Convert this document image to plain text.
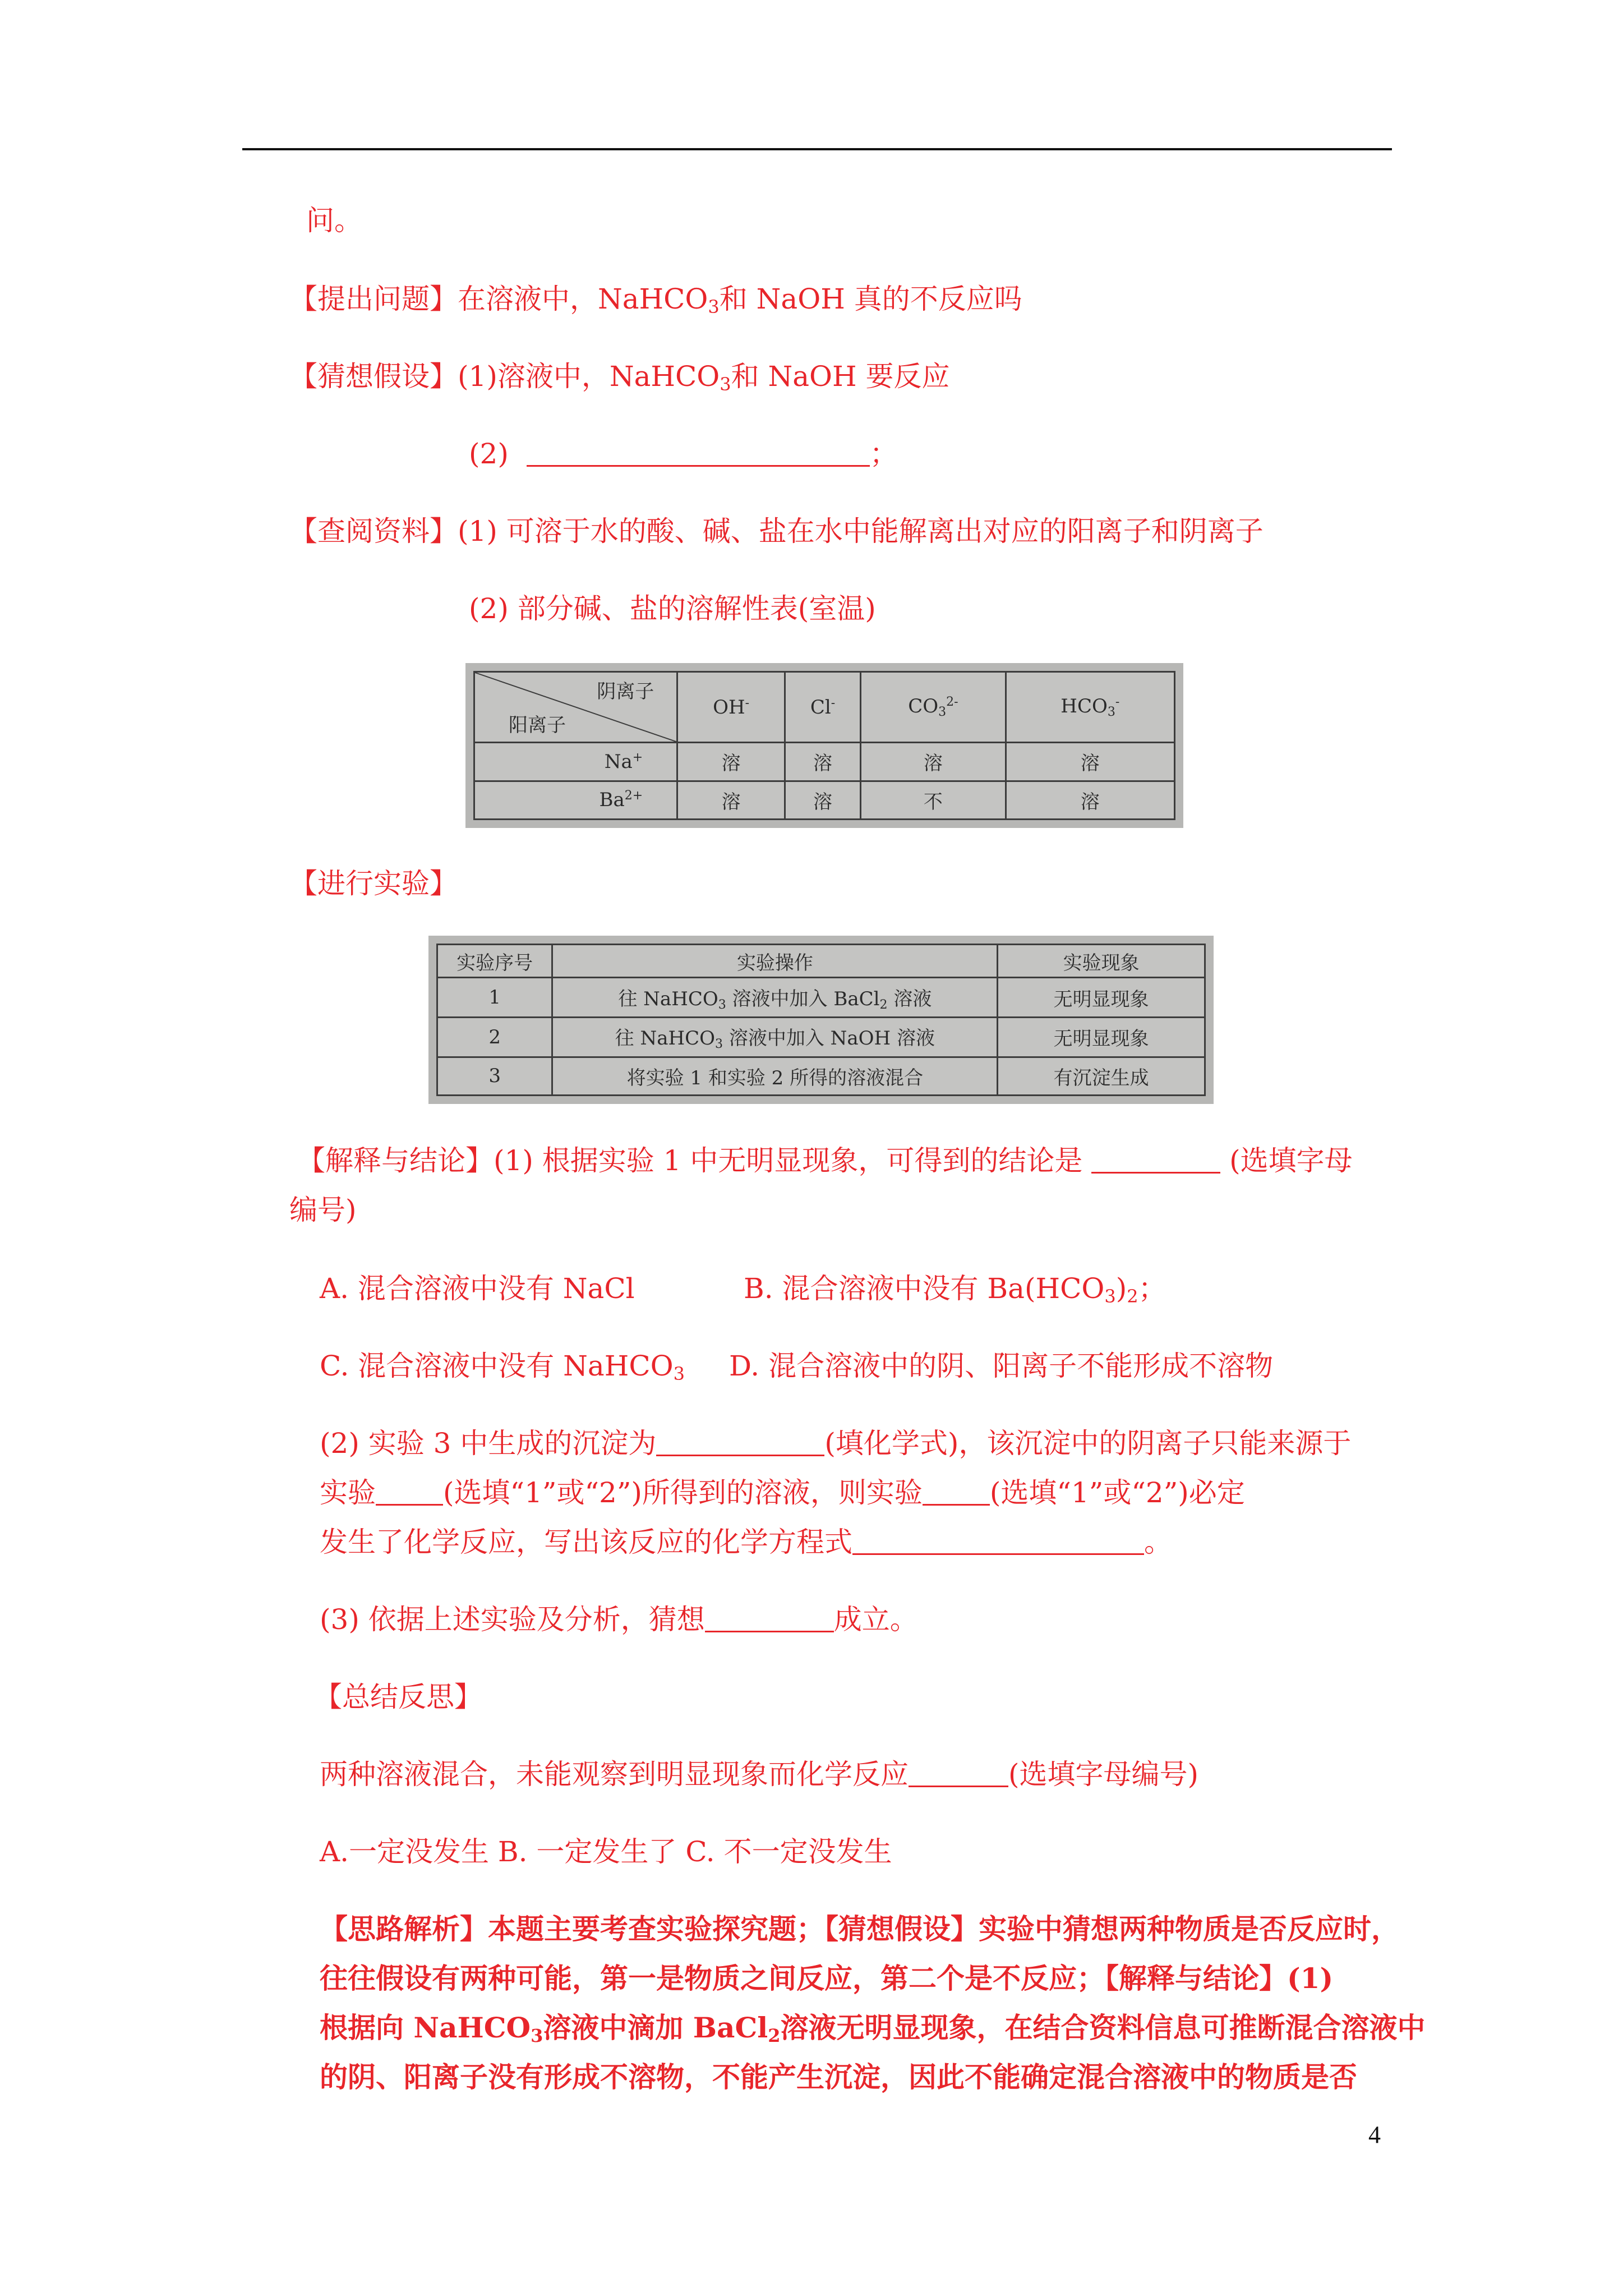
问。
【提出问题】在溶液中，NaHCO$_3$和 NaOH 真的不反应吗
【猜想假设】(1)溶液中，NaHCO$_3$和 NaOH 要反应
(2)	；
【查阅资料】(1) 可溶于水的酸、碱、盐在水中能解离出对应的阳离子和阴离子
(2) 部分碱、盐的溶解性表(室温)
阴离子
阳离子	OH-	Cl-	$CO_3^{2-}$	$HCO_3^-$
Na+	溶	溶	溶	溶
$Ba^{2+}$	溶	溶	不	溶
【进行实验】
实验序号	实验操作	实验现象
1	往 NaHCO$_3$ 溶液中加入 BaCl$_2$ 溶液	无明显现象
2	往 NaHCO$_3$ 溶液中加入 NaOH 溶液	无明显现象
3	将实验 1 和实验 2 所得的溶液混合	有沉淀生成
【解释与结论】(1) 根据实验 1 中无明显现象，可得到的结论是	(选填字母
编号)
A. 混合溶液中没有 NaCl	B. 混合溶液中没有 $Ba(HCO_3)_2$；
C. 混合溶液中没有 NaHCO$_3$ D. 混合溶液中的阴、阳离子不能形成不溶物
(2) 实验 3 中生成的沉淀为	(填化学式)，该沉淀中的阴离子只能来源于
实验 (选填“1”或“2”)所得到的溶液，则实验 (选填“1”或“2”)必定
发生了化学反应，写出该反应的化学方程式	。
(3) 依据上述实验及分析，猜想	成立。
【总结反思】
两种溶液混合，未能观察到明显现象而化学反应	(选填字母编号)
A.一定没发生 B. 一定发生了 C. 不一定没发生
【思路解析】本题主要考查实验探究题；【猜想假设】实验中猜想两种物质是否反应时，
往往假设有两种可能，第一是物质之间反应，第二个是不反应；【解释与结论】(1)
根据向 NaHCO$_3$溶液中滴加 BaCl$_2$溶液无明显现象，在结合资料信息可推断混合溶液中
的阴、阳离子没有形成不溶物，不能产生沉淀，因此不能确定混合溶液中的物质是否
4
